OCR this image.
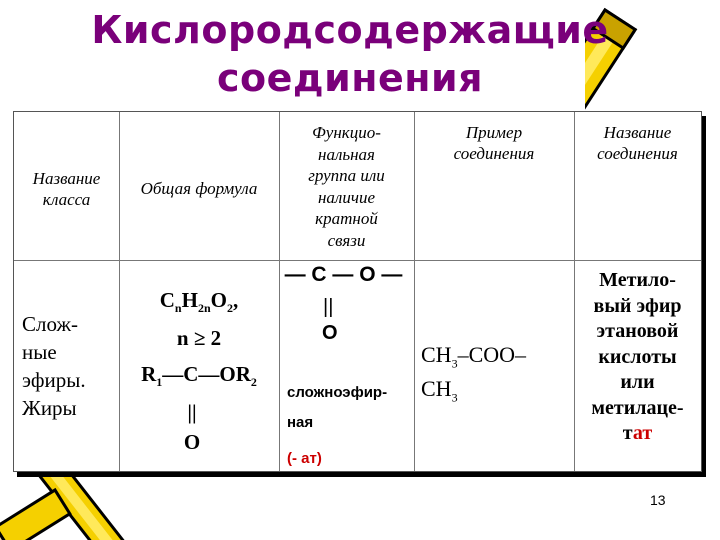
Кислородсодержащие
соединения
Название
класса
Общая формула
Функцио-
нальная
группа или
наличие
кратной
связи
Пример
соединения
Название
соединения
Слож-
ные
эфиры.
Жиры
$C_nH_{2n}O_2$,
n ≥ 2
$R_1—C—OR_2$
||
O
— C — O —
||
O
сложноэфир-
ная
(- ат)
$CH_3-COO-$
$CH_3$
Метило-
вый эфир
этановой
кислоты
или
метилаце-
тат
13
